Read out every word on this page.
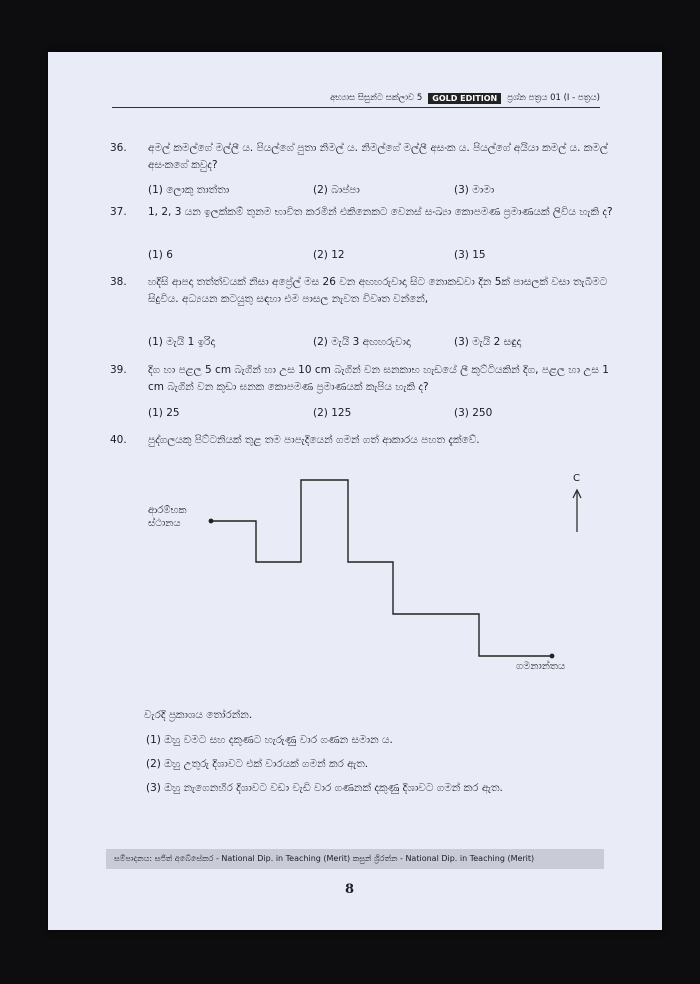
අභ්‍යාස සිසුන්ට සක්ලාව 5	GOLD EDITION	ප්‍රශ්න පත්‍රය 01 (I - පත්‍රය)
36.	අමල් කමල්ගේ මල්ලී ය. පියල්ගේ පුතා නිමල් ය. නිමල්ගේ මල්ලී අසංක ය. පියල්ගේ අයියා කමල් ය. කමල් අසංකගේ කවුද?
(1) ලොකු තාත්තා	(2) බාප්පා	(3) මාමා
37.	1, 2, 3 යන ඉලක්කම් තුනම භාවිත කරමින් එකිනෙකට වෙනස් සංඛ්‍යා කොපමණ ප්‍රමාණයක් ලිවිය හැකි ද?
(1) 6	(2) 12	(3) 15
38.	හදිසි ආපදා තත්ත්වයක් නිසා අප්‍රේල් මස 26 වන අඟහරුවාදා සිට නොකඩවා දින 5ක් පාසලක් වසා තැබීමට සිදුවිය. අධ්‍යයන කටයුතු සඳහා එම පාසල නැවත විවෘත වන්නේ,
(1) මැයි 1 ඉරිදා	(2) මැයි 3 අඟහරුවාදා	(3) මැයි 2 සඳුදා
39.	දිග හා පළල 5 cm බැගින් හා උස 10 cm බැගින් වන ඝනකාභ හැඩයේ ලී කුට්ටියකින් දිග, පළල හා උස 1 cm බැගින් වන කුඩා ඝනක කොපමණ ප්‍රමාණයක් කැපිය හැකි ද?
(1) 25	(2) 125	(3) 250
40.	පුද්ගලයකු පිට්ටනියක් තුළ තම පාපැදියෙන් ගමන් ගත් ආකාරය පහත දැක්වේ.
ආරම්භක ස්ථානය
ගමනාන්තය
C
වැරදි ප්‍රකාශය තෝරන්න.
(1) ඔහු වමට සහ දකුණට හැරුණු වාර ගණන සමාන ය.
(2) ඔහු උතුරු දිශාවට එක් වාරයක් ගමන් කර ඇත.
(3) ඔහු නැගෙනහිර දිශාවට වඩා වැඩි වාර ගණනක් දකුණු දිශාවට ගමන් කර ඇත.
සම්පාදනය: සජිත් අබේසේකර - National Dip. in Teaching (Merit) කසුන් ශ්‍රිරත්න - National Dip. in Teaching (Merit)
8
